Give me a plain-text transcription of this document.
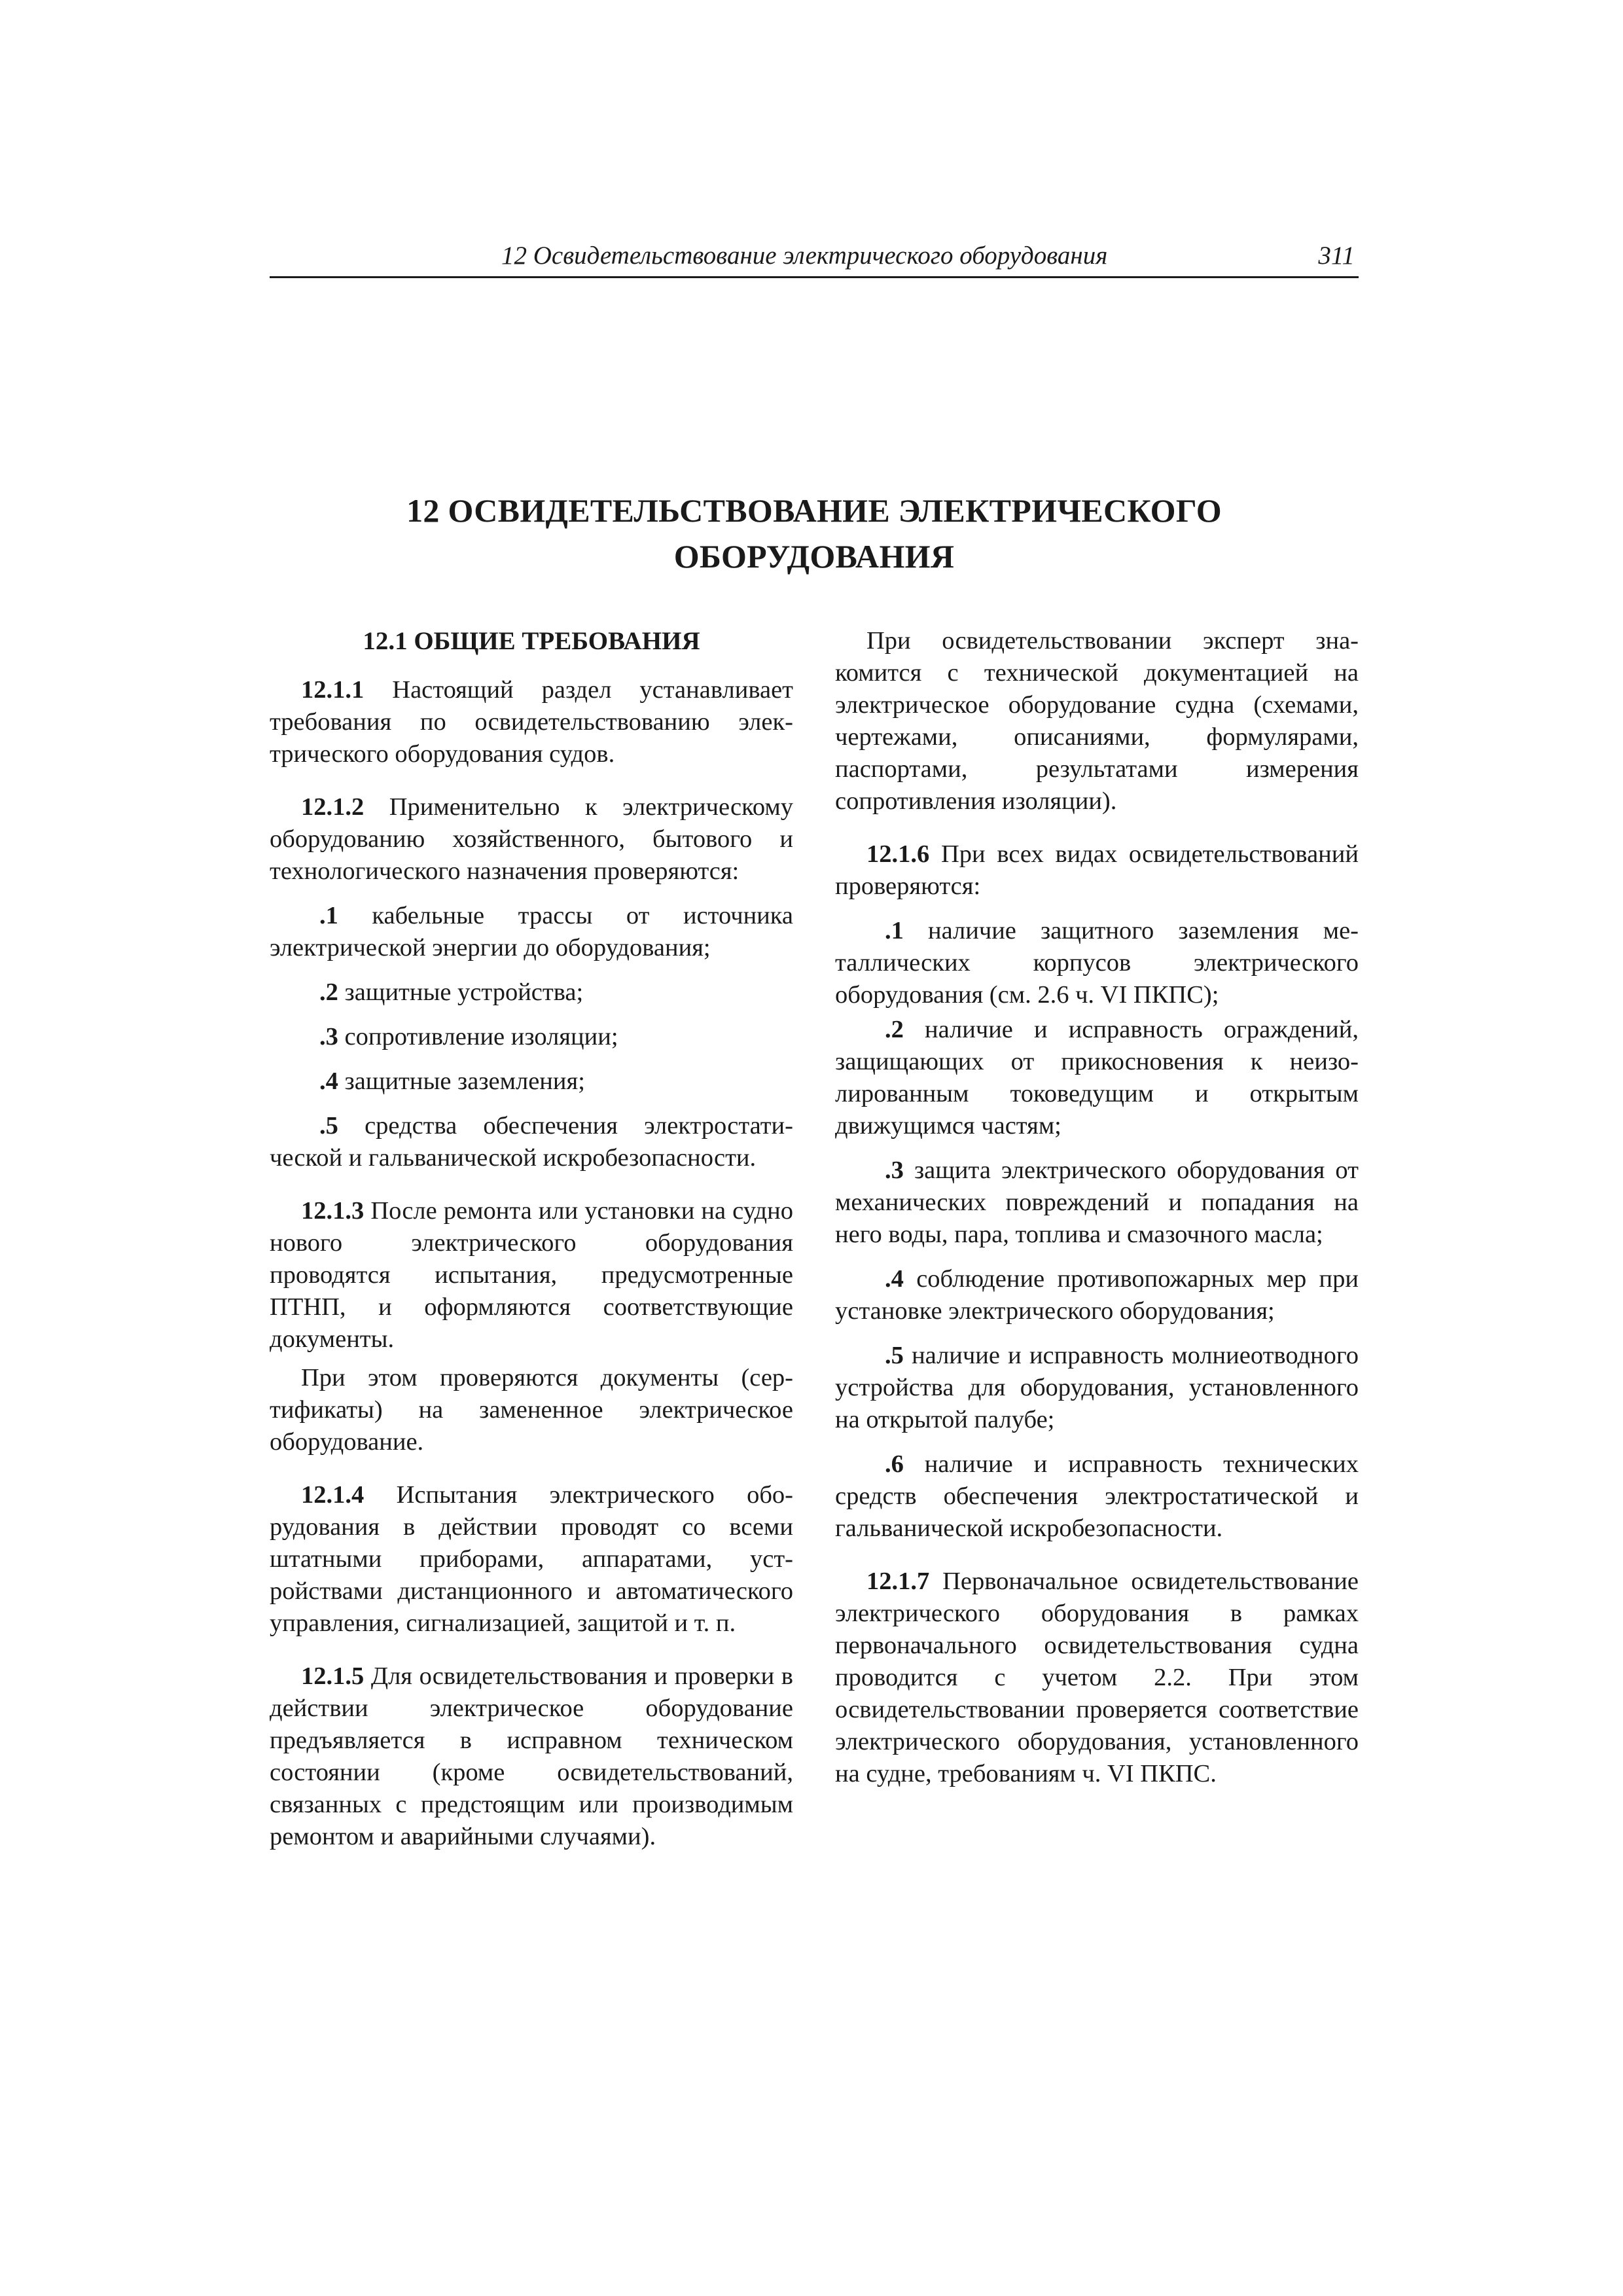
12 Освидетельствование электрического оборудования	311
12 ОСВИДЕТЕЛЬСТВОВАНИЕ ЭЛЕКТРИЧЕСКОГО ОБОРУДОВАНИЯ
12.1 ОБЩИЕ ТРЕБОВАНИЯ

12.1.1 Настоящий раздел устанавливает требования по освидетельствованию электрического оборудования судов.

12.1.2 Применительно к электрическому оборудованию хозяйственного, бытового и технологического назначения проверяются:

.1 кабельные трассы от источника электрической энергии до оборудования;

.2 защитные устройства;

.3 сопротивление изоляции;

.4 защитные заземления;

.5 средства обеспечения электростатической и гальванической искробезопасности.

12.1.3 После ремонта или установки на судно нового электрического оборудования проводятся испытания, предусмотренные ПТНП, и оформляются соответствующие документы.

При этом проверяются документы (сертификаты) на замененное электрическое оборудование.

12.1.4 Испытания электрического оборудования в действии проводят со всеми штатными приборами, аппаратами, устройствами дистанционного и автоматического управления, сигнализацией, защитой и т. п.

12.1.5 Для освидетельствования и проверки в действии электрическое оборудование предъявляется в исправном техническом состоянии (кроме освидетельствований, связанных с предстоящим или производимым ремонтом и аварийными случаями).

При освидетельствовании эксперт знакомится с технической документацией на электрическое оборудование судна (схемами, чертежами, описаниями, формулярами, паспортами, результатами измерения сопротивления изоляции).

12.1.6 При всех видах освидетельствований проверяются:

.1 наличие защитного заземления металлических корпусов электрического оборудования (см. 2.6 ч. VI ПКПС);

.2 наличие и исправность ограждений, защищающих от прикосновения к неизолированным токоведущим и открытым движущимся частям;

.3 защита электрического оборудования от механических повреждений и попадания на него воды, пара, топлива и смазочного масла;

.4 соблюдение противопожарных мер при установке электрического оборудования;

.5 наличие и исправность молниеотводного устройства для оборудования, установленного на открытой палубе;

.6 наличие и исправность технических средств обеспечения электростатической и гальванической искробезопасности.

12.1.7 Первоначальное освидетельствование электрического оборудования в рамках первоначального освидетельствования судна проводится с учетом 2.2. При этом освидетельствовании проверяется соответствие электрического оборудования, установленного на судне, требованиям ч. VI ПКПС.
